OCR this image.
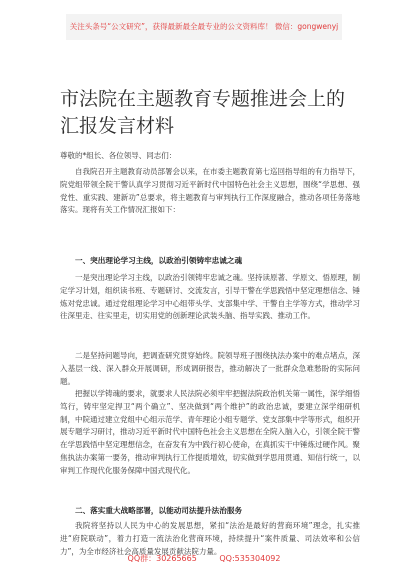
关注头条号“公文研究”，获得最新最全最专业的公文资料库！ 微信：gongwenyj
市法院在主题教育专题推进会上的汇报发言材料
尊敬的*组长、各位领导、同志们：

自我院召开主题教育动员部署会以来，在市委主题教育第七巡回指导组的有力指导下，院党组带领全院干警认真学习贯彻习近平新时代中国特色社会主义思想，围绕“学思想、强党性、重实践、建新功”总要求，将主题教育与审判执行工作深度融合，推动各项任务落地落实。现将有关工作情况汇报如下：

一、突出理论学习主线，以政治引领铸牢忠诚之魂

一是突出理论学习主线，以政治引领铸牢忠诚之魂。坚持读原著、学原文、悟原理，制定学习计划，组织读书班、专题研讨、交流发言，引导干警在学思践悟中坚定理想信念、锤炼对党忠诚。通过党组理论学习中心组带头学、支部集中学、干警自主学等方式，推动学习往深里走、往实里走，切实用党的创新理论武装头脑、指导实践、推动工作。

二是坚持问题导向，把调查研究贯穿始终。院领导班子围绕执法办案中的难点堵点，深入基层一线、深入群众开展调研，形成调研报告，推动解决了一批群众急难愁盼的实际问题。

把握以学铸魂的要求，就要求人民法院必须牢牢把握法院政治机关第一属性，深学细悟笃行，铸牢坚定捍卫“两个确立”、坚决做到“两个维护”的政治忠诚，要建立深学细研机制，中院通过建立党组中心组示范学、青年理论小组专题学、党支部集中学等形式，组织开展专题学习研讨，推动习近平新时代中国特色社会主义思想在全院入脑入心，引领全院干警在学思践悟中坚定理想信念，在奋发有为中践行初心使命，在真抓实干中锤炼过硬作风。聚焦执法办案第一要务，推动审判执行工作提质增效，切实做到学思用贯通、知信行统一，以审判工作现代化服务保障中国式现代化。

二、落实重大战略部署，以能动司法提升法治服务

我院将坚持以人民为中心的发展思想，紧扣“法治是最好的营商环境”理念，扎实推进“府院联动”，着力打造一流法治化营商环境，持续提升“案件质量、司法效率和公信力”，为全市经济社会高质量发展贡献法院力量。

QQ群：30265665	QQ:535304092
